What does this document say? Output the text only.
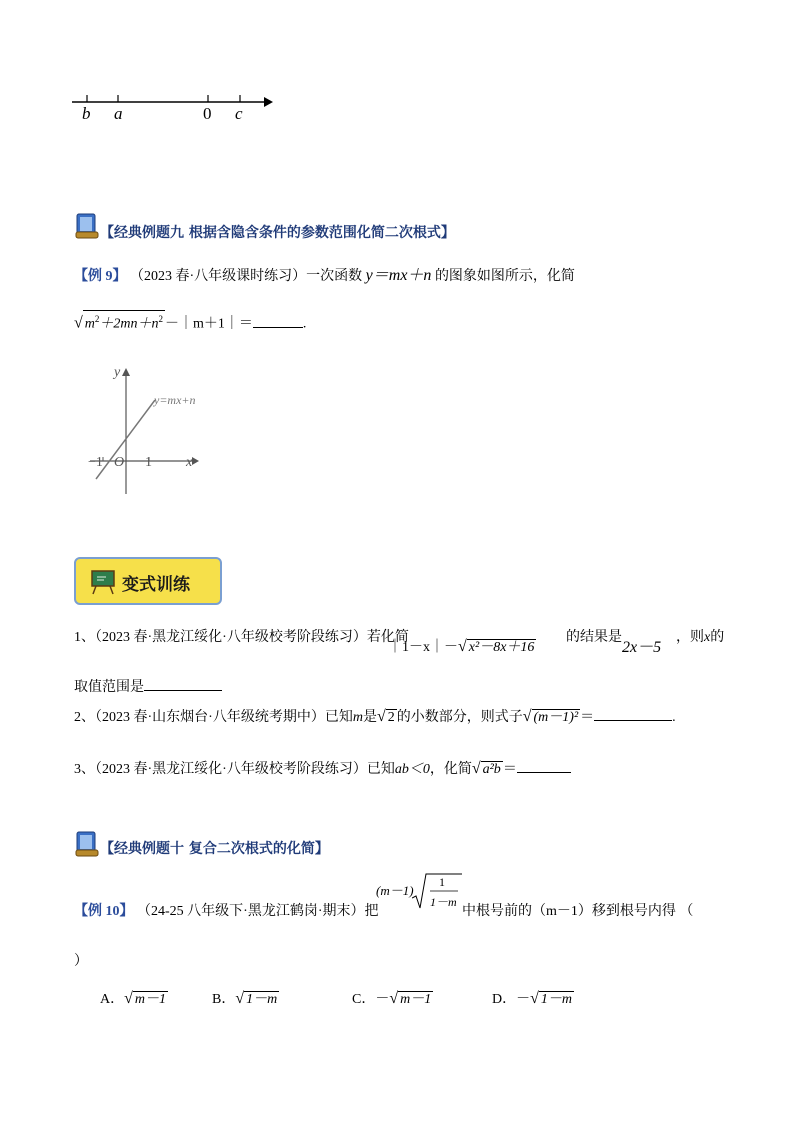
b a	0 c
【经典例题九 根据含隐含条件的参数范围化简二次根式】
【例 9】 （2023 春·八年级课时练习）一次函数 y＝mx＋n 的图象如图所示，化简
√ $m^2+2mn+n^2$ －｜m＋1｜＝	.
y
x
y=mx+n
O
−1	1
变式训练
1、（2023 春·黑龙江绥化·八年级校考阶段练习）若化简
｜1－x｜－√ x²－8x＋16
的结果是
2x－5
，则x的
取值范围是
2、（2023 春·山东烟台·八年级统考期中）已知m是√ 2 的小数部分，则式子√ (m－1)² ＝	.
3、（2023 春·黑龙江绥化·八年级校考阶段练习）已知ab＜0，化简√ a²b ＝
【经典例题十 复合二次根式的化简】
【例 10】 （24-25 八年级下·黑龙江鹤岗·期末）把
(m－1)
1
1－m
中根号前的（m－1）移到根号内得 （
）
A．√ m－1	B．√ 1－m	C．－√ m－1	D．－√ 1－m
